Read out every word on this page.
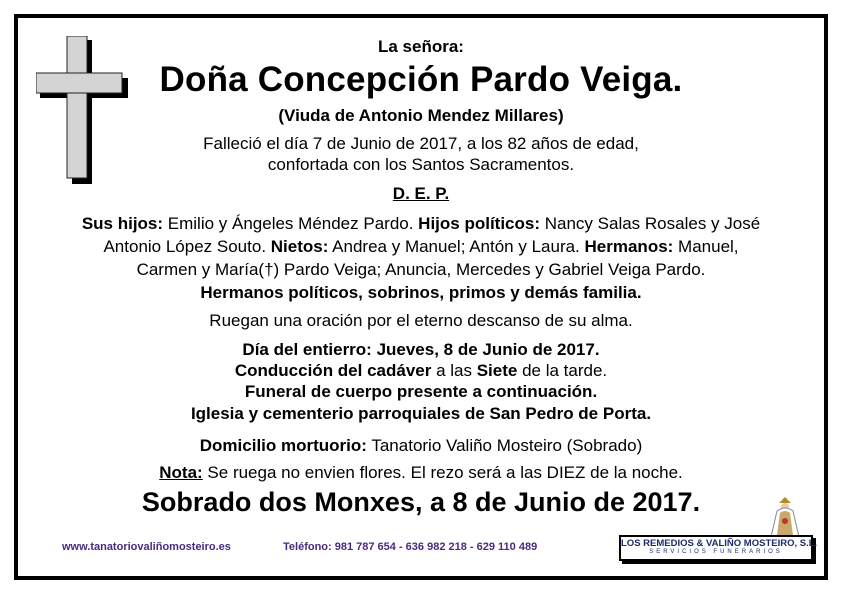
La señora:
Doña Concepción Pardo Veiga.
(Viuda de Antonio Mendez Millares)
Falleció el día 7 de Junio de 2017, a los 82 años de edad,
confortada con los Santos Sacramentos.
D. E. P.
Sus hijos: Emilio y Ángeles Méndez Pardo. Hijos políticos: Nancy Salas Rosales y José
Antonio López Souto. Nietos: Andrea y Manuel; Antón y Laura. Hermanos: Manuel,
Carmen y María(†) Pardo Veiga; Anuncia, Mercedes y Gabriel Veiga Pardo.
Hermanos políticos, sobrinos, primos y demás familia.
Ruegan una oración por el eterno descanso de su alma.
Día del entierro: Jueves, 8 de Junio de 2017.
Conducción del cadáver a las Siete de la tarde.
Funeral de cuerpo presente a continuación.
Iglesia y cementerio parroquiales de San Pedro de Porta.
Domicilio mortuorio: Tanatorio Valiño Mosteiro (Sobrado)
Nota: Se ruega no envien flores. El rezo será a las DIEZ de la noche.
Sobrado dos Monxes, a 8 de Junio de 2017.
www.tanatoriovaliñomosteiro.es	Teléfono: 981 787 654 - 636 982 218 - 629 110 489	LOS REMEDIOS & VALIÑO MOSTEIRO, S.L.
SERVICIOS FUNERARIOS
